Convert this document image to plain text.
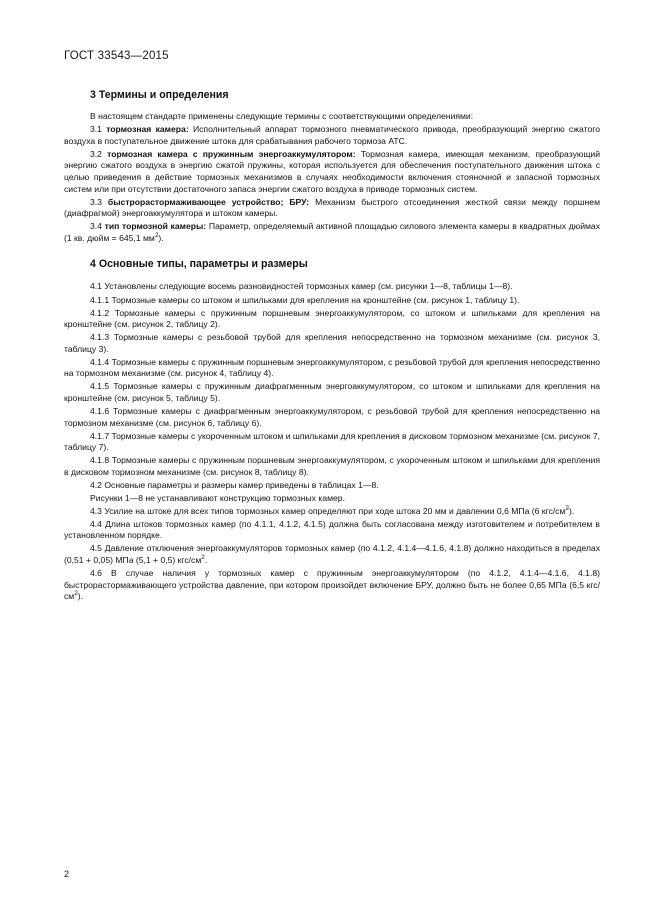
ГОСТ 33543—2015
3 Термины и определения

В настоящем стандарте применены следующие термины с соответствующими определениями:

3.1 тормозная камера: Исполнительный аппарат тормозного пневматического привода, преобразующий энергию сжатого воздуха в поступательное движение штока для срабатывания рабочего тормоза АТС.

3.2 тормозная камера с пружинным энергоаккумулятором: Тормозная камера, имеющая механизм, преобразующий энергию сжатого воздуха в энергию сжатой пружины, которая используется для обеспечения поступательного движения штока с целью приведения в действие тормозных механизмов в случаях необходимости включения стояночной и запасной тормозных систем или при отсутствии достаточного запаса энергии сжатого воздуха в приводе тормозных систем.

3.3 быстрорастормаживающее устройство; БРУ: Механизм быстрого отсоединения жесткой связи между поршнем (диафрагмой) энергоаккумулятора и штоком камеры.

3.4 тип тормозной камеры: Параметр, определяемый активной площадью силового элемента камеры в квадратных дюймах (1 кв. дюйм = 645,1 $мм^2$).

4 Основные типы, параметры и размеры

4.1 Установлены следующие восемь разновидностей тормозных камер (см. рисунки 1—8, таблицы 1—8).

4.1.1 Тормозные камеры со штоком и шпильками для крепления на кронштейне (см. рисунок 1, таблицу 1).

4.1.2 Тормозные камеры с пружинным поршневым энергоаккумулятором, со штоком и шпильками для крепления на кронштейне (см. рисунок 2, таблицу 2).

4.1.3 Тормозные камеры с резьбовой трубой для крепления непосредственно на тормозном механизме (см. рисунок 3, таблицу 3).

4.1.4 Тормозные камеры с пружинным поршневым энергоаккумулятором, с резьбовой трубой для крепления непосредственно на тормозном механизме (см. рисунок 4, таблицу 4).

4.1.5 Тормозные камеры с пружинным диафрагменным энергоаккумулятором, со штоком и шпильками для крепления на кронштейне (см. рисунок 5, таблицу 5).

4.1.6 Тормозные камеры с диафрагменным энергоаккумулятором, с резьбовой трубой для крепления непосредственно на тормозном механизме (см. рисунок 6, таблицу 6).

4.1.7 Тормозные камеры с укороченным штоком и шпильками для крепления в дисковом тормозном механизме (см. рисунок 7, таблицу 7).

4.1.8 Тормозные камеры с пружинным поршневым энергоаккумулятором, с укороченным штоком и шпильками для крепления в дисковом тормозном механизме (см. рисунок 8, таблицу 8).

4.2 Основные параметры и размеры камер приведены в таблицах 1—8.

Рисунки 1—8 не устанавливают конструкцию тормозных камер.

4.3 Усилие на штоке для всех типов тормозных камер определяют при ходе штока 20 мм и давлении 0,6 МПа (6 кгс/$см^2$).

4.4 Длина штоков тормозных камер (по 4.1.1, 4.1.2, 4.1.5) должна быть согласована между изготовителем и потребителем в установленном порядке.

4.5 Давление отключения энергоаккумуляторов тормозных камер (по 4.1.2, 4.1.4—4.1.6, 4.1.8) должно находиться в пределах (0,51 + 0,05) МПа (5,1 + 0,5) кгс/$см^2$.

4.6 В случае наличия у тормозных камер с пружинным энергоаккумулятором (по 4.1.2, 4.1.4—4.1.6, 4.1.8) быстрорастормаживающего устройства давление, при котором произойдет включение БРУ, должно быть не более 0,65 МПа (6,5 кгс/$см^2$).

2
